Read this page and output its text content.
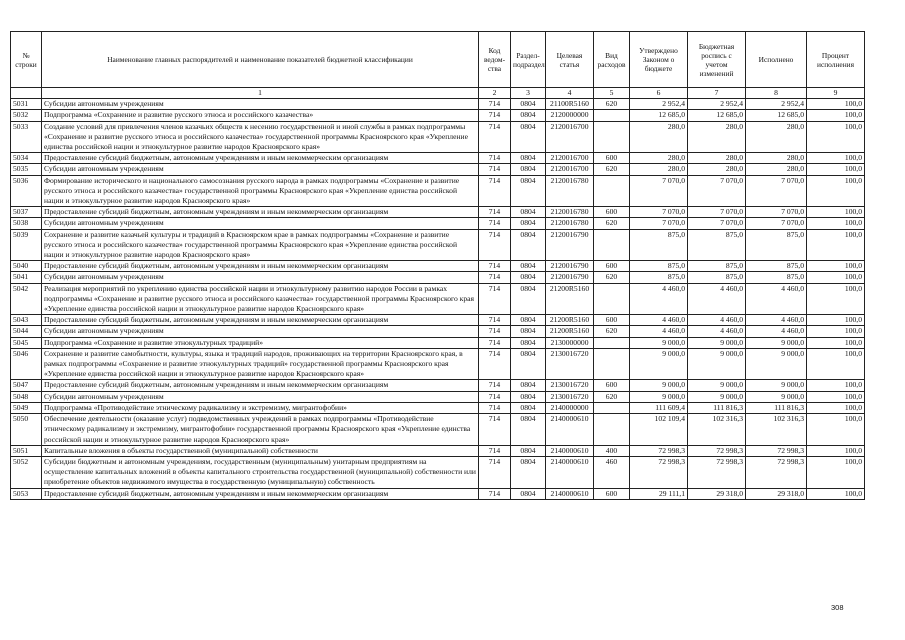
№ строки	Наименование главных распорядителей и наименование показателей бюджетной классификации	Код ведом-ства	Раздел-подраздел	Целевая статья	Вид расходов	Утверждено Законом о бюджете	Бюджетная роспись с учетом изменений	Исполнено	Процент исполнения
	1	2	3	4	5	6	7	8	9
5031	Субсидии автономным учреждениям	714	0804	21100R5160	620	2 952,4	2 952,4	2 952,4	100,0
5032	Подпрограмма «Сохранение и развитие русского этноса и российского казачества»	714	0804	2120000000		12 685,0	12 685,0	12 685,0	100,0
5033	Создание условий для привлечения членов казачьих обществ к несению государственной и иной службы в рамках подпрограммы «Сохранение и развитие русского этноса и российского казачества» государственной программы Красноярского края «Укрепление единства российской нации и этнокультурное развитие народов Красноярского края»	714	0804	2120016700		280,0	280,0	280,0	100,0
5034	Предоставление субсидий бюджетным, автономным учреждениям и иным некоммерческим организациям	714	0804	2120016700	600	280,0	280,0	280,0	100,0
5035	Субсидии автономным учреждениям	714	0804	2120016700	620	280,0	280,0	280,0	100,0
5036	Формирование исторического и национального самосознания русского народа в рамках подпрограммы «Сохранение и развитие русского этноса и российского казачества» государственной программы Красноярского края «Укрепление единства российской нации и этнокультурное развитие народов Красноярского края»	714	0804	2120016780		7 070,0	7 070,0	7 070,0	100,0
5037	Предоставление субсидий бюджетным, автономным учреждениям и иным некоммерческим организациям	714	0804	2120016780	600	7 070,0	7 070,0	7 070,0	100,0
5038	Субсидии автономным учреждениям	714	0804	2120016780	620	7 070,0	7 070,0	7 070,0	100,0
5039	Сохранение и развитие казачьей культуры и традиций в Красноярском крае в рамках подпрограммы «Сохранение и развитие русского этноса и российского казачества» государственной программы Красноярского края «Укрепление единства российской нации и этнокультурное развитие народов Красноярского края»	714	0804	2120016790		875,0	875,0	875,0	100,0
5040	Предоставление субсидий бюджетным, автономным учреждениям и иным некоммерческим организациям	714	0804	2120016790	600	875,0	875,0	875,0	100,0
5041	Субсидии автономным учреждениям	714	0804	2120016790	620	875,0	875,0	875,0	100,0
5042	Реализация мероприятий по укреплению единства российской нации и этнокультурному развитию народов России в рамках подпрограммы «Сохранение и развитие русского этноса и российского казачества» государственной программы Красноярского края «Укрепление единства российской нации и этнокультурное развитие народов Красноярского края»	714	0804	21200R5160		4 460,0	4 460,0	4 460,0	100,0
5043	Предоставление субсидий бюджетным, автономным учреждениям и иным некоммерческим организациям	714	0804	21200R5160	600	4 460,0	4 460,0	4 460,0	100,0
5044	Субсидии автономным учреждениям	714	0804	21200R5160	620	4 460,0	4 460,0	4 460,0	100,0
5045	Подпрограмма «Сохранение и развитие этнокультурных традиций»	714	0804	2130000000		9 000,0	9 000,0	9 000,0	100,0
5046	Сохранение и развитие самобытности, культуры, языка и традиций народов, проживающих на территории Красноярского края, в рамках подпрограммы «Сохранение и развитие этнокультурных традиций» государственной программы Красноярского края «Укрепление единства российской нации и этнокультурное развитие народов Красноярского края»	714	0804	2130016720		9 000,0	9 000,0	9 000,0	100,0
5047	Предоставление субсидий бюджетным, автономным учреждениям и иным некоммерческим организациям	714	0804	2130016720	600	9 000,0	9 000,0	9 000,0	100,0
5048	Субсидии автономным учреждениям	714	0804	2130016720	620	9 000,0	9 000,0	9 000,0	100,0
5049	Подпрограмма «Противодействие этническому радикализму и экстремизму, мигрантофобии»	714	0804	2140000000		111 609,4	111 816,3	111 816,3	100,0
5050	Обеспечение деятельности (оказание услуг) подведомственных учреждений в рамках подпрограммы «Противодействие этническому радикализму и экстремизму, мигрантофобии» государственной программы Красноярского края «Укрепление единства российской нации и этнокультурное развитие народов Красноярского края»	714	0804	2140000610		102 109,4	102 316,3	102 316,3	100,0
5051	Капитальные вложения в объекты государственной (муниципальной) собственности	714	0804	2140000610	400	72 998,3	72 998,3	72 998,3	100,0
5052	Субсидии бюджетным и автономным учреждениям, государственным (муниципальным) унитарным предприятиям на осуществление капитальных вложений в объекты капитального строительства государственной (муниципальной) собственности или приобретение объектов недвижимого имущества в государственную (муниципальную) собственность	714	0804	2140000610	460	72 998,3	72 998,3	72 998,3	100,0
5053	Предоставление субсидий бюджетным, автономным учреждениям и иным некоммерческим организациям	714	0804	2140000610	600	29 111,1	29 318,0	29 318,0	100,0
308
